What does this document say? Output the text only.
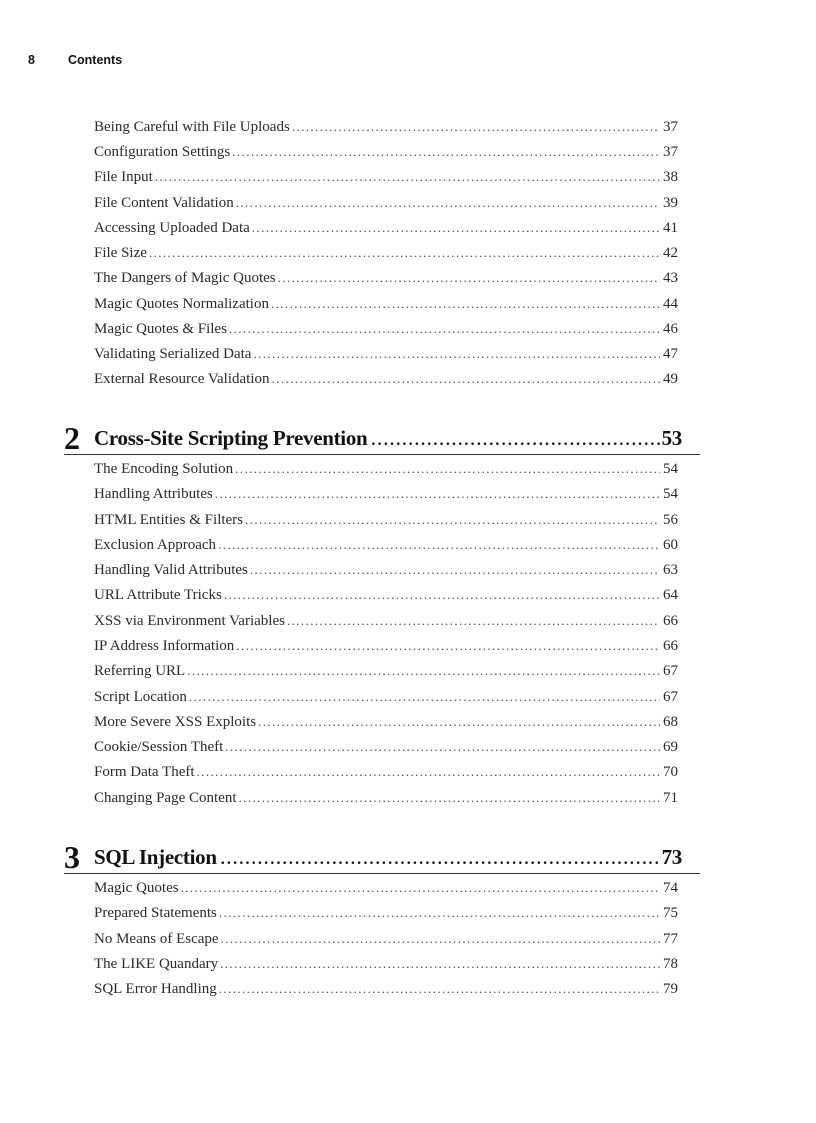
8	Contents
Being Careful with File Uploads .....	37
Configuration Settings .....	37
File Input .....	38
File Content Validation .....	39
Accessing Uploaded Data .....	41
File Size .....	42
The Dangers of Magic Quotes .....	43
Magic Quotes Normalization .....	44
Magic Quotes & Files .....	46
Validating Serialized Data .....	47
External Resource Validation .....	49
2 Cross-Site Scripting Prevention .....	53
The Encoding Solution .....	54
Handling Attributes .....	54
HTML Entities & Filters .....	56
Exclusion Approach .....	60
Handling Valid Attributes .....	63
URL Attribute Tricks .....	64
XSS via Environment Variables .....	66
IP Address Information .....	66
Referring URL .....	67
Script Location .....	67
More Severe XSS Exploits .....	68
Cookie/Session Theft .....	69
Form Data Theft .....	70
Changing Page Content .....	71
3 SQL Injection .....	73
Magic Quotes .....	74
Prepared Statements .....	75
No Means of Escape .....	77
The LIKE Quandary .....	78
SQL Error Handling .....	79
